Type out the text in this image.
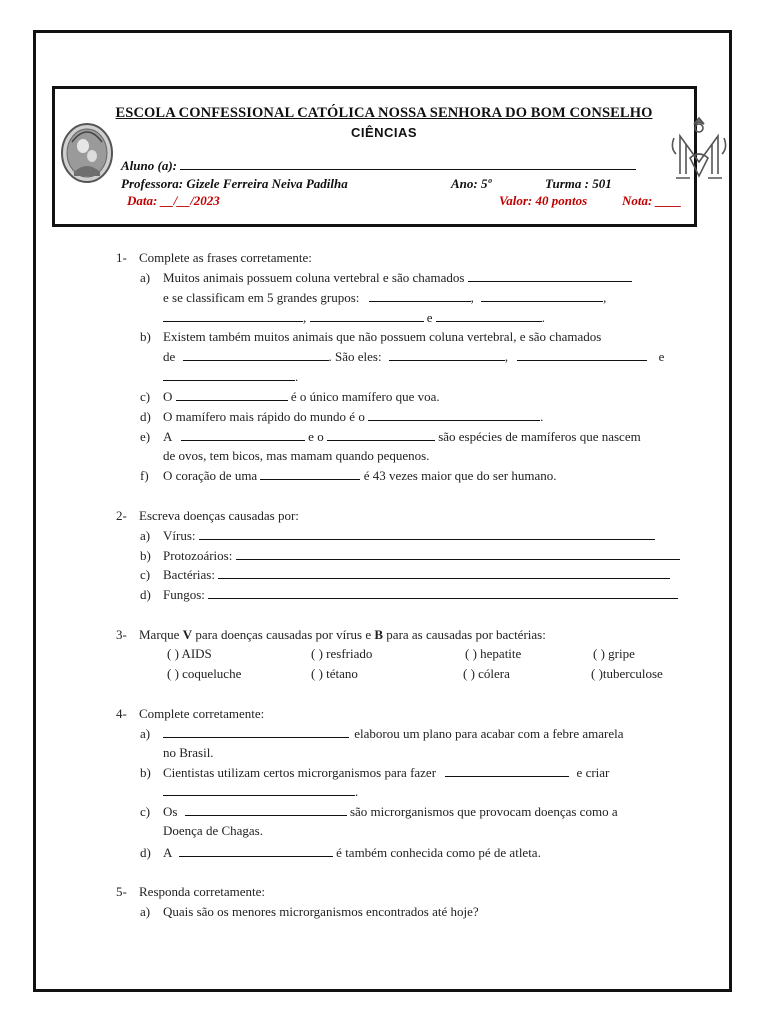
ESCOLA CONFESSIONAL CATÓLICA NOSSA SENHORA DO BOM CONSELHO
CIÊNCIAS
Aluno (a):
Professora: Gizele Ferreira Neiva Padilha	Ano: 5º	Turma : 501
Data: __/__/2023	Valor: 40 pontos	Nota: ____
1- Complete as frases corretamente:
a) Muitos animais possuem coluna vertebral e são chamados
e se classificam em 5 grandes grupos:	,	,
,	e	.
b) Existem também muitos animais que não possuem coluna vertebral, e são chamados
de	. São eles:	,	e
.
c) O	é o único mamífero que voa.
d) O mamífero mais rápido do mundo é o	.
e) A	e o	são espécies de mamíferos que nascem
de ovos, tem bicos, mas mamam quando pequenos.
f) O coração de uma	é 43 vezes maior que do ser humano.
2- Escreva doenças causadas por:
a) Vírus:
b) Protozoários:
c) Bactérias:
d) Fungos:
3- Marque V para doenças causadas por vírus e B para as causadas por bactérias:
( ) AIDS	( ) resfriado	( ) hepatite	( ) gripe
( ) coqueluche	( ) tétano	( ) cólera	( )tuberculose
4- Complete corretamente:
a)	elaborou um plano para acabar com a febre amarela
no Brasil.
b) Cientistas utilizam certos microrganismos para fazer	e criar
.
c) Os	são microrganismos que provocam doenças como a
Doença de Chagas.
d) A	é também conhecida como pé de atleta.
5- Responda corretamente:
a) Quais são os menores microrganismos encontrados até hoje?
